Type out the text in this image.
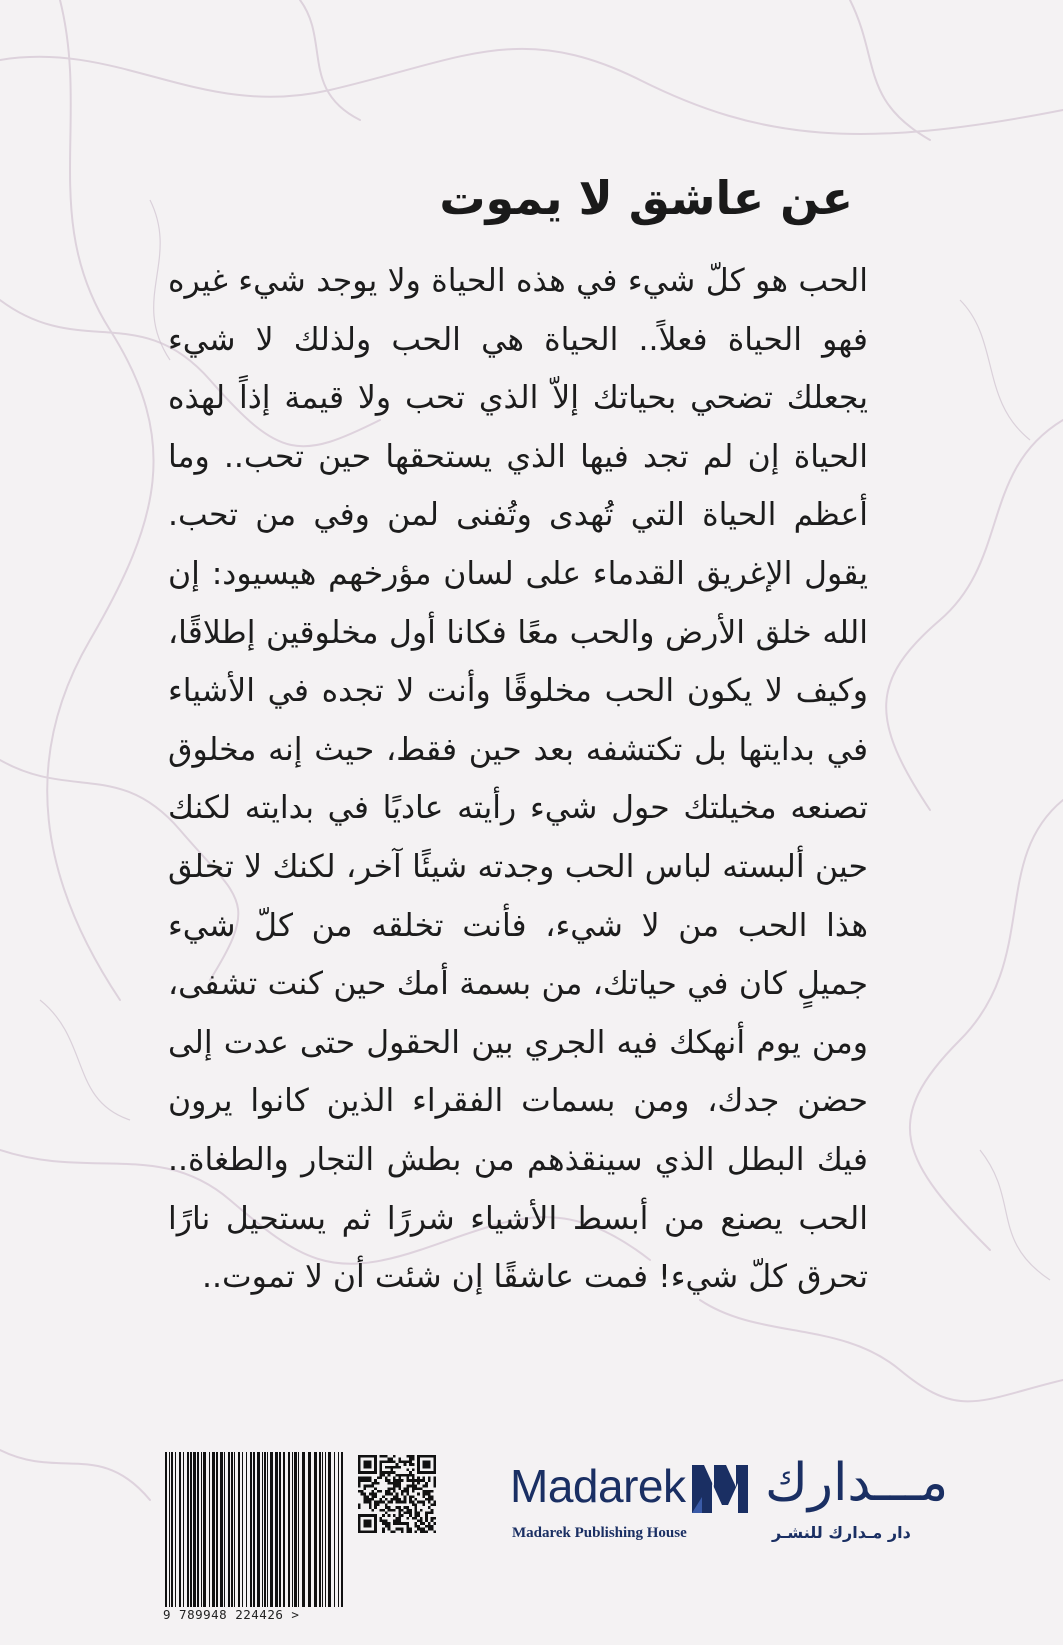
عن عاشق لا يموت

الحب هو كلّ شيء في هذه الحياة ولا يوجد شيء غيره فهو الحياة فعلاً.. الحياة هي الحب ولذلك لا شيء يجعلك تضحي بحياتك إلاّ الذي تحب ولا قيمة إذاً لهذه الحياة إن لم تجد فيها الذي يستحقها حين تحب.. وما أعظم الحياة التي تُهدى وتُفنى لمن وفي من تحب. يقول الإغريق القدماء على لسان مؤرخهم هيسيود: إن الله خلق الأرض والحب معًا فكانا أول مخلوقين إطلاقًا، وكيف لا يكون الحب مخلوقًا وأنت لا تجده في الأشياء في بدايتها بل تكتشفه بعد حين فقط، حيث إنه مخلوق تصنعه مخيلتك حول شيء رأيته عاديًا في بدايته لكنك حين ألبسته لباس الحب وجدته شيئًا آخر، لكنك لا تخلق هذا الحب من لا شيء، فأنت تخلقه من كلّ شيء جميلٍ كان في حياتك، من بسمة أمك حين كنت تشفى، ومن يوم أنهكك فيه الجري بين الحقول حتى عدت إلى حضن جدك، ومن بسمات الفقراء الذين كانوا يرون فيك البطل الذي سينقذهم من بطش التجار والطغاة.. الحب يصنع من أبسط الأشياء شررًا ثم يستحيل نارًا تحرق كلّ شيء! فمت عاشقًا إن شئت أن لا تموت..

9 789948 224426 >
Madarek مـــدارك
Madarek Publishing House	دار مـدارك للنشـر
